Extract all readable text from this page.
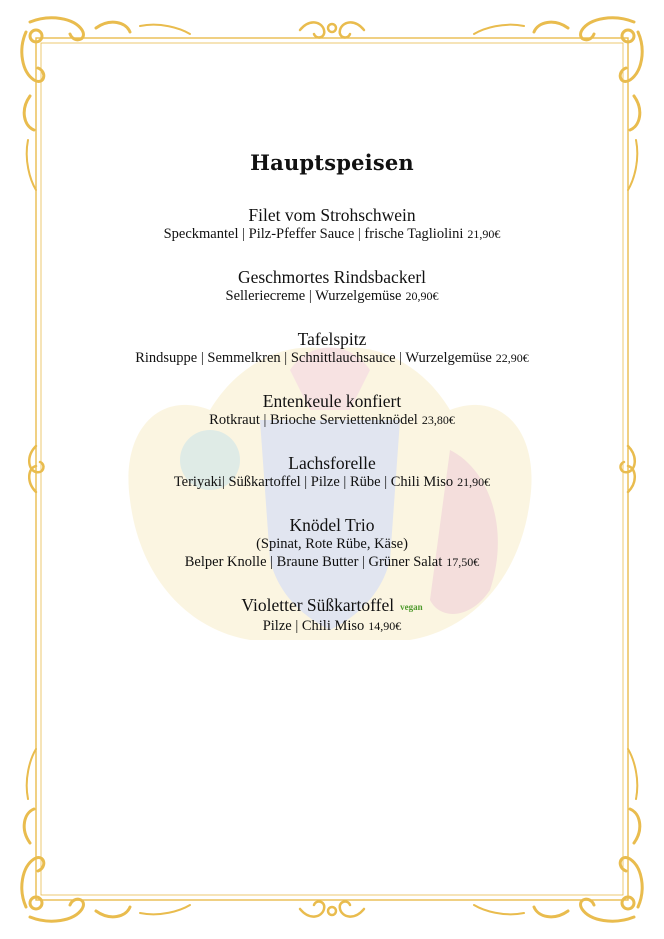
Hauptspeisen
Filet vom Strohschwein
Speckmantel | Pilz-Pfeffer Sauce | frische Tagliolini 21,90€
Geschmortes Rindsbackerl
Selleriecreme | Wurzelgemüse 20,90€
Tafelspitz
Rindsuppe | Semmelkren | Schnittlauchsauce | Wurzelgemüse 22,90€
Entenkeule konfiert
Rotkraut | Brioche Serviettenknödel 23,80€
Lachsforelle
Teriyaki| Süßkartoffel | Pilze | Rübe | Chili Miso 21,90€
Knödel Trio
(Spinat, Rote Rübe, Käse)
Belper Knolle | Braune Butter | Grüner Salat 17,50€
Violetter Süßkartoffel vegan
Pilze | Chili Miso 14,90€
